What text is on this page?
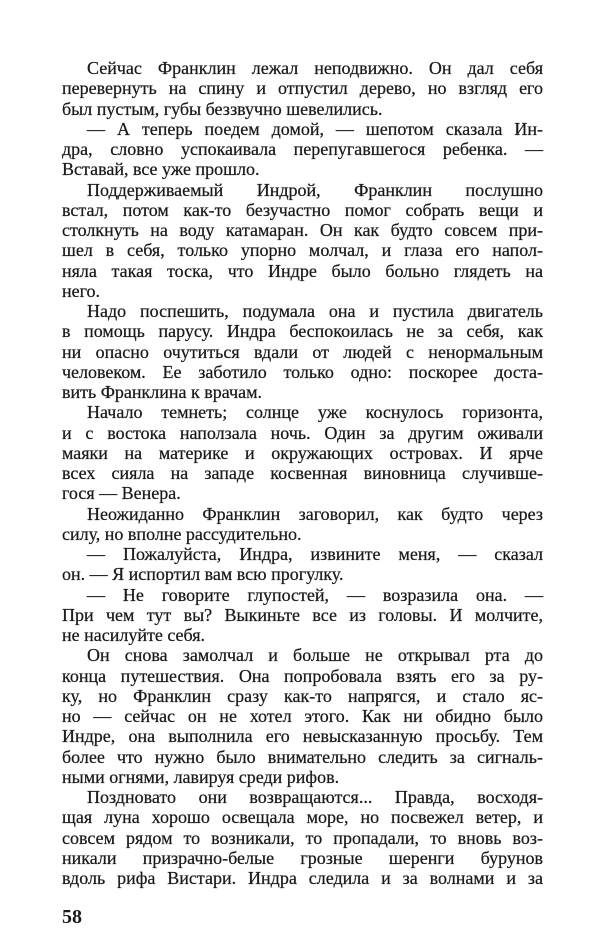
Сейчас Франклин лежал неподвижно. Он дал себя
перевернуть на спину и отпустил дерево, но взгляд его
был пустым, губы беззвучно шевелились.
— А теперь поедем домой, — шепотом сказала Ин-
дра, словно успокаивала перепугавшегося ребенка. —
Вставай, все уже прошло.
Поддерживаемый Индрой, Франклин послушно
встал, потом как-то безучастно помог собрать вещи и
столкнуть на воду катамаран. Он как будто совсем при-
шел в себя, только упорно молчал, и глаза его напол-
нялa такая тоска, что Индре было больно глядеть на
него.
Надо поспешить, подумала она и пустила двигатель
в помощь парусу. Индра беспокоилась не за себя, как
ни опасно очутиться вдали от людей с ненормальным
человеком. Ее заботило только одно: поскорее доста-
вить Франклина к врачам.
Начало темнеть; солнце уже коснулось горизонта,
и с востока наползала ночь. Один за другим оживали
маяки на материке и окружающих островах. И ярче
всех сияла на западе косвенная виновница случивше-
гося — Венера.
Неожиданно Франклин заговорил, как будто через
силу, но вполне рассудительно.
— Пожалуйста, Индра, извините меня, — сказал
он. — Я испортил вам всю прогулку.
— Не говорите глупостей, — возразила она. —
При чем тут вы? Выкиньте все из головы. И молчите,
не насилуйте себя.
Он снова замолчал и больше не открывал рта до
конца путешествия. Она попробовала взять его за ру-
ку, но Франклин сразу как-то напрягся, и стало яс-
но — сейчас он не хотел этого. Как ни обидно было
Индре, она выполнила его невысказанную просьбу. Тем
более что нужно было внимательно следить за сигналь-
ными огнями, лавируя среди рифов.
Поздновато они возвращаются... Правда, восходя-
щая луна хорошо освещала море, но посвежел ветер, и
совсем рядом то возникали, то пропадали, то вновь воз-
никали призрачно-белые грозные шеренги бурунов
вдоль рифа Вистари. Индра следила и за волнами и за
58
